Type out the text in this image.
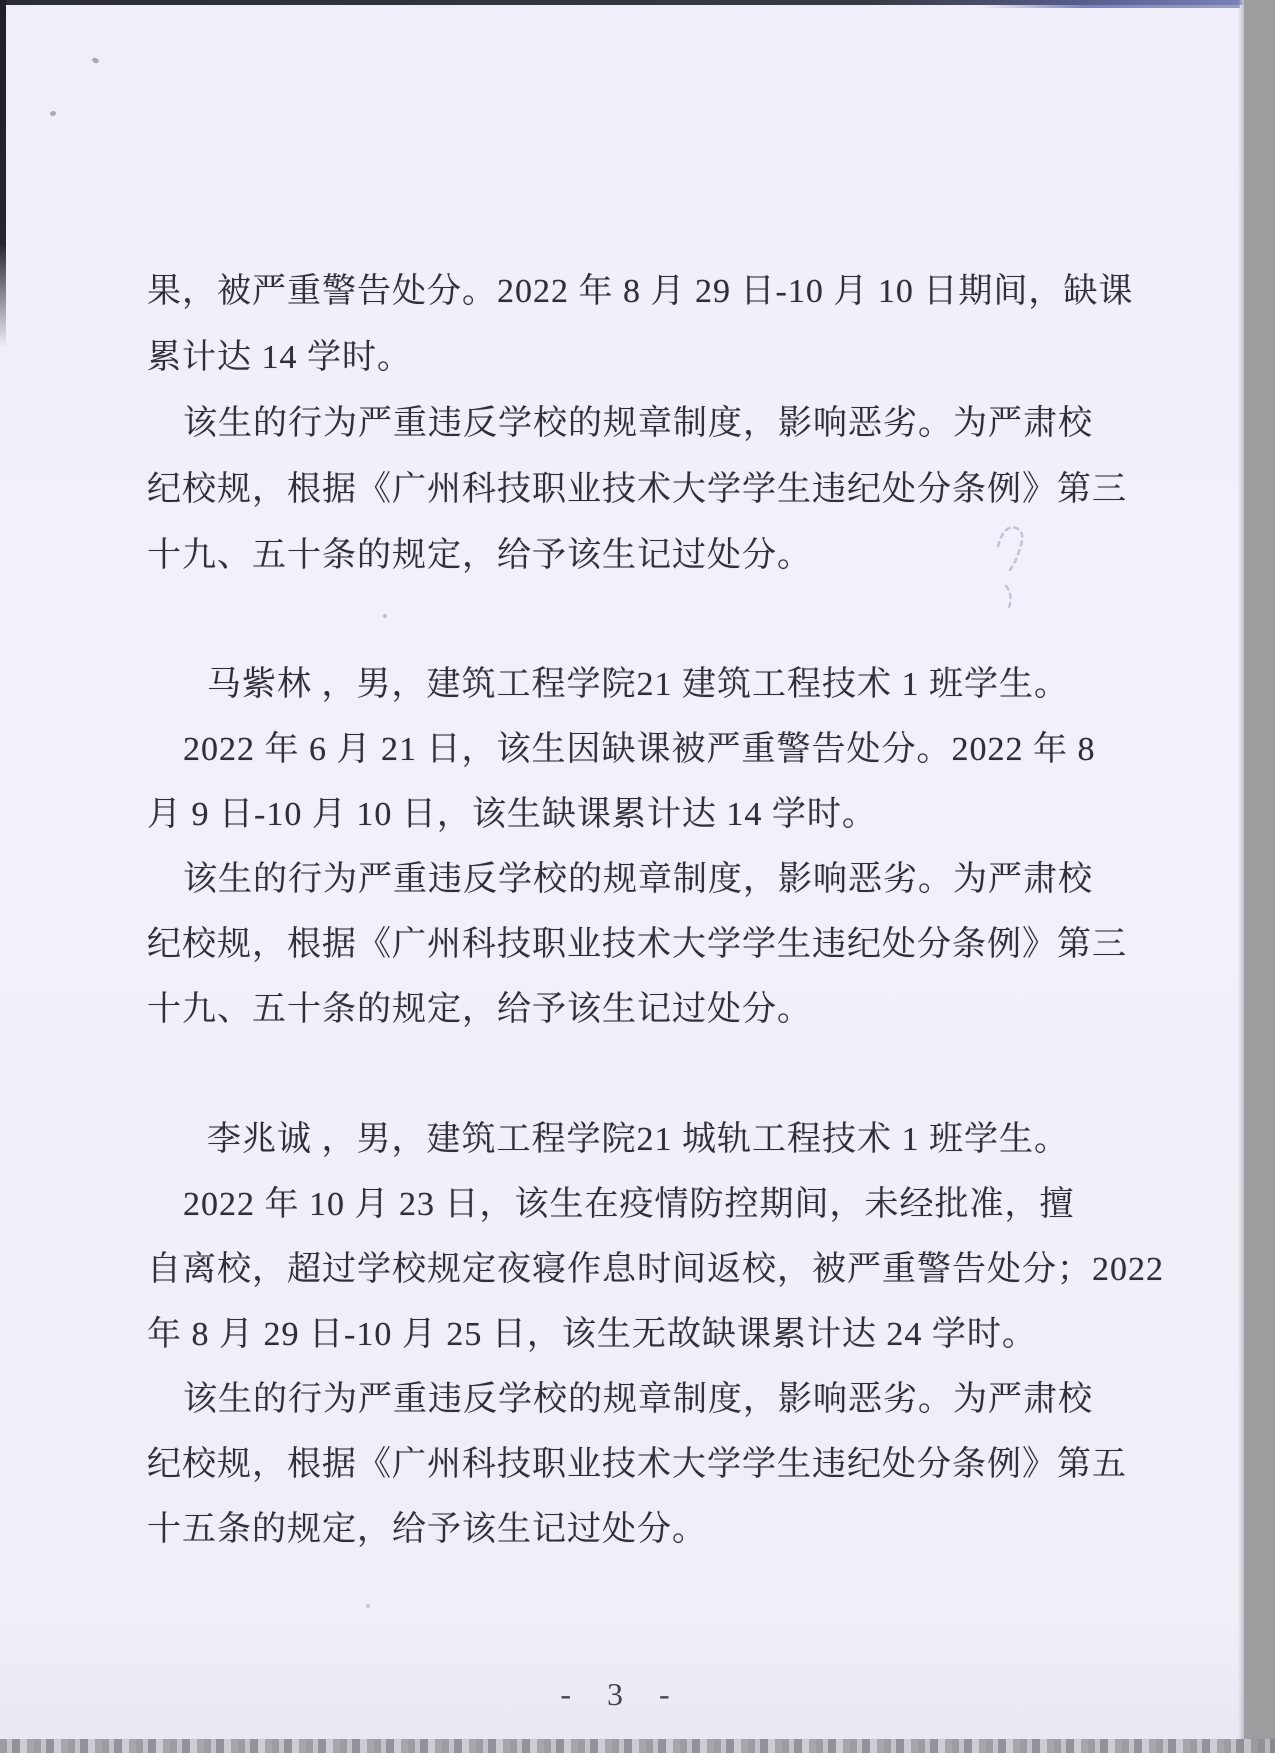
果，被严重警告处分。2022 年 8 月 29 日-10 月 10 日期间，缺课
累计达 14 学时。
该生的行为严重违反学校的规章制度，影响恶劣。为严肃校
纪校规，根据《广州科技职业技术大学学生违纪处分条例》第三
十九、五十条的规定，给予该生记过处分。
马紫林 ，男，建筑工程学院21 建筑工程技术 1 班学生。
2022 年 6 月 21 日，该生因缺课被严重警告处分。2022 年 8
月 9 日-10 月 10 日，该生缺课累计达 14 学时。
该生的行为严重违反学校的规章制度，影响恶劣。为严肃校
纪校规，根据《广州科技职业技术大学学生违纪处分条例》第三
十九、五十条的规定，给予该生记过处分。
李兆诚 ，男，建筑工程学院21 城轨工程技术 1 班学生。
2022 年 10 月 23 日，该生在疫情防控期间，未经批准，擅
自离校，超过学校规定夜寝作息时间返校，被严重警告处分；2022
年 8 月 29 日-10 月 25 日，该生无故缺课累计达 24 学时。
该生的行为严重违反学校的规章制度，影响恶劣。为严肃校
纪校规，根据《广州科技职业技术大学学生违纪处分条例》第五
十五条的规定，给予该生记过处分。
- 3 -
